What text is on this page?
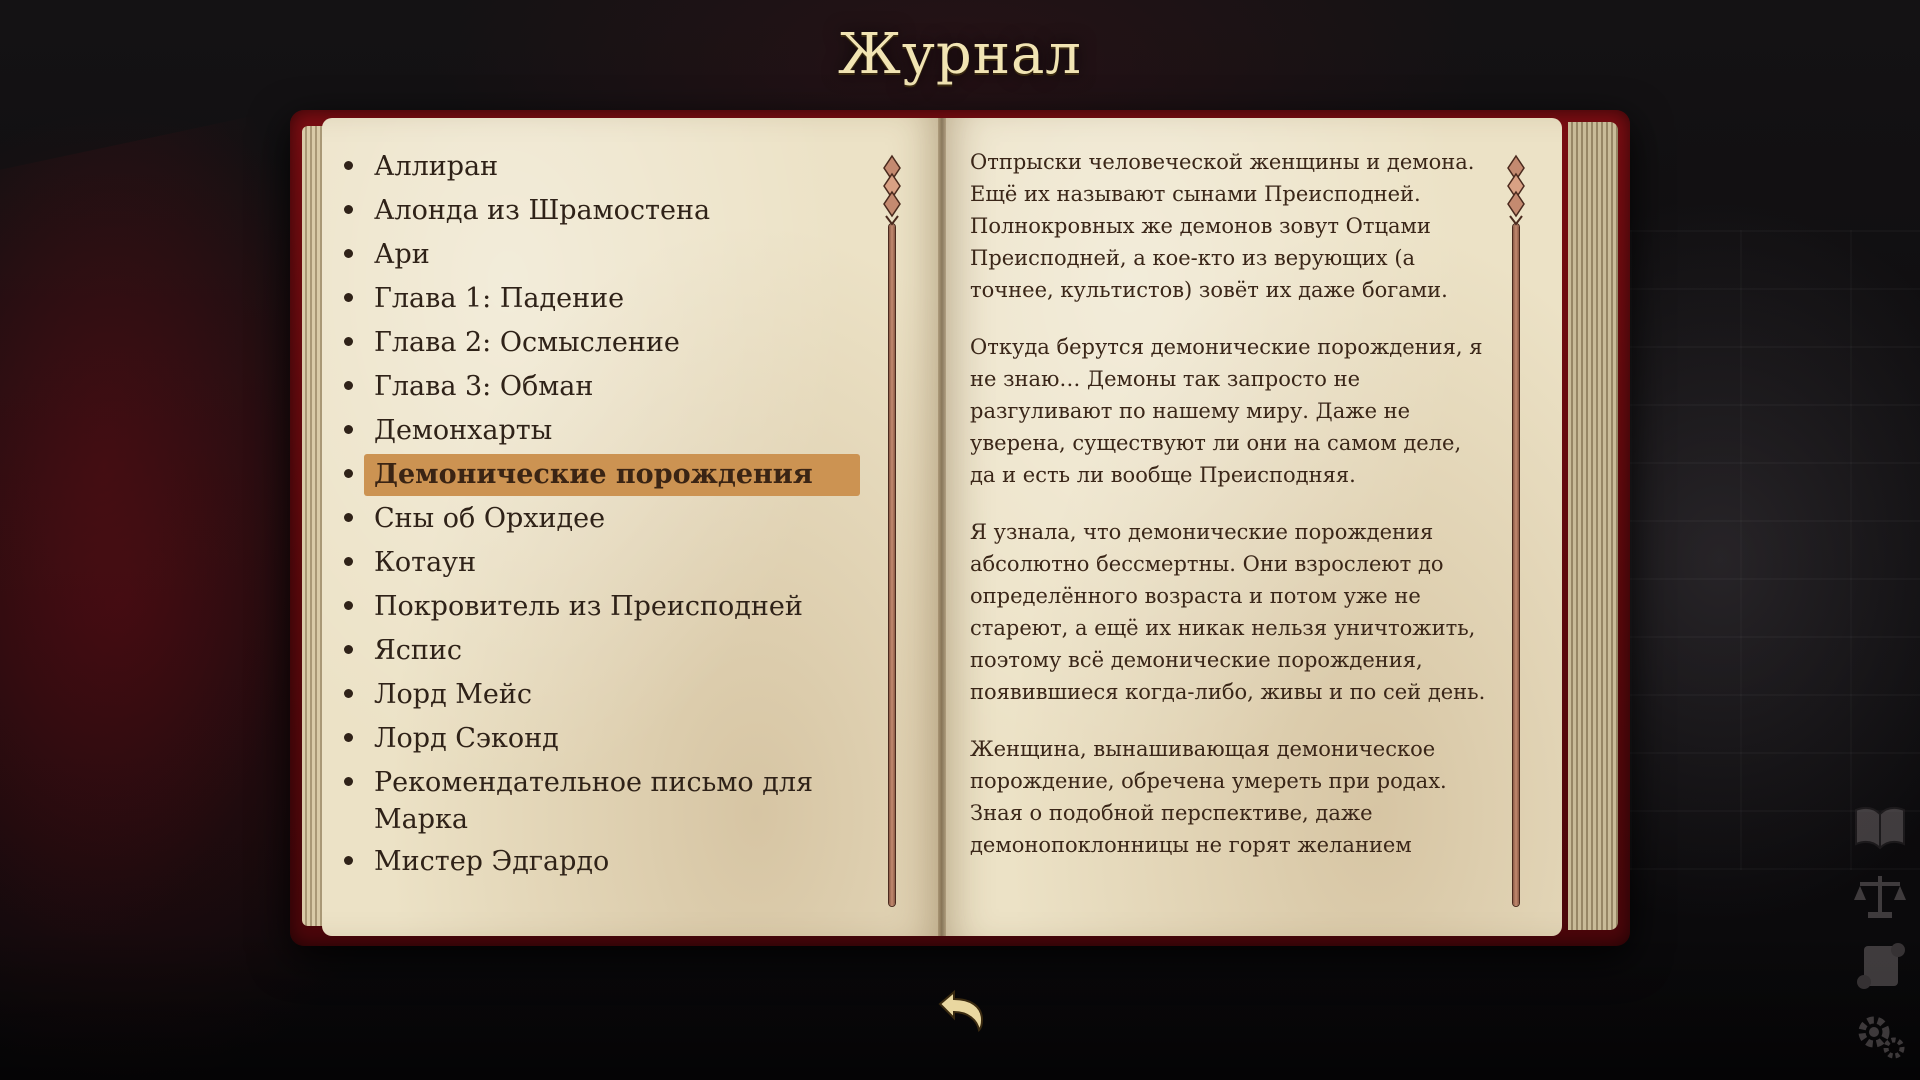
Журнал
Аллиран
Алонда из Шрамостена
Ари
Глава 1: Падение
Глава 2: Осмысление
Глава 3: Обман
Демонхарты
Демонические порождения
Сны об Орхидее
Котаун
Покровитель из Преисподней
Яспис
Лорд Мейс
Лорд Сэконд
Рекомендательное письмо для Марка
Мистер Эдгардо

Отпрыски человеческой женщины и демона. Ещё их называют сынами Преисподней. Полнокровных же демонов зовут Отцами Преисподней, а кое-кто из верующих (а точнее, культистов) зовёт их даже богами.

Откуда берутся демонические порождения, я не знаю… Демоны так запросто не разгуливают по нашему миру. Даже не уверена, существуют ли они на самом деле, да и есть ли вообще Преисподняя.

Я узнала, что демонические порождения абсолютно бессмертны. Они взрослеют до определённого возраста и потом уже не стареют, а ещё их никак нельзя уничтожить, поэтому всё демонические порождения, появившиеся когда-либо, живы и по сей день.

Женщина, вынашивающая демоническое порождение, обречена умереть при родах. Зная о подобной перспективе, даже демонопоклонницы не горят желанием
